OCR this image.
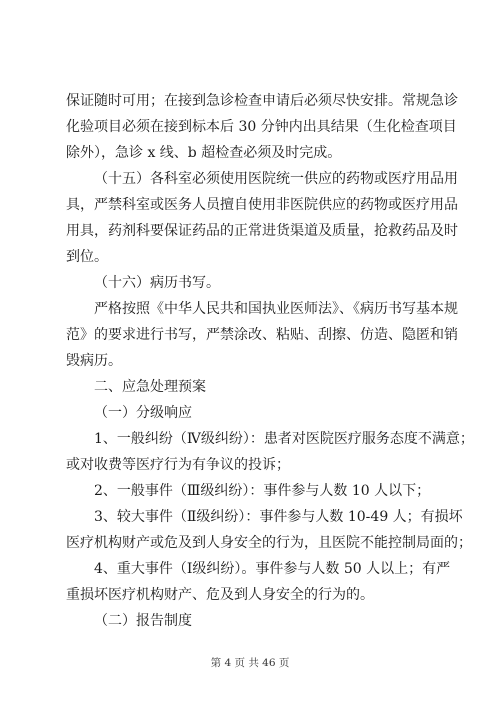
保证随时可用；在接到急诊检查申请后必须尽快安排。常规急诊
化验项目必须在接到标本后 30 分钟内出具结果（生化检查项目
除外），急诊 x 线、b 超检查必须及时完成。
（十五）各科室必须使用医院统一供应的药物或医疗用品用
具，严禁科室或医务人员擅自使用非医院供应的药物或医疗用品
用具，药剂科要保证药品的正常进货渠道及质量，抢救药品及时
到位。
（十六）病历书写。
严格按照《中华人民共和国执业医师法》、《病历书写基本规
范》的要求进行书写，严禁涂改、粘贴、刮擦、仿造、隐匿和销
毁病历。
二、应急处理预案
（一）分级响应
1、一般纠纷（Ⅳ级纠纷）：患者对医院医疗服务态度不满意；
或对收费等医疗行为有争议的投诉；
2、一般事件（Ⅲ级纠纷）：事件参与人数 10 人以下；
3、较大事件（Ⅱ级纠纷）：事件参与人数 10-49 人；有损坏
医疗机构财产或危及到人身安全的行为，且医院不能控制局面的；
4、重大事件（Ⅰ级纠纷）。事件参与人数 50 人以上；有严
重损坏医疗机构财产、危及到人身安全的行为的。
（二）报告制度
第 4 页 共 46 页
